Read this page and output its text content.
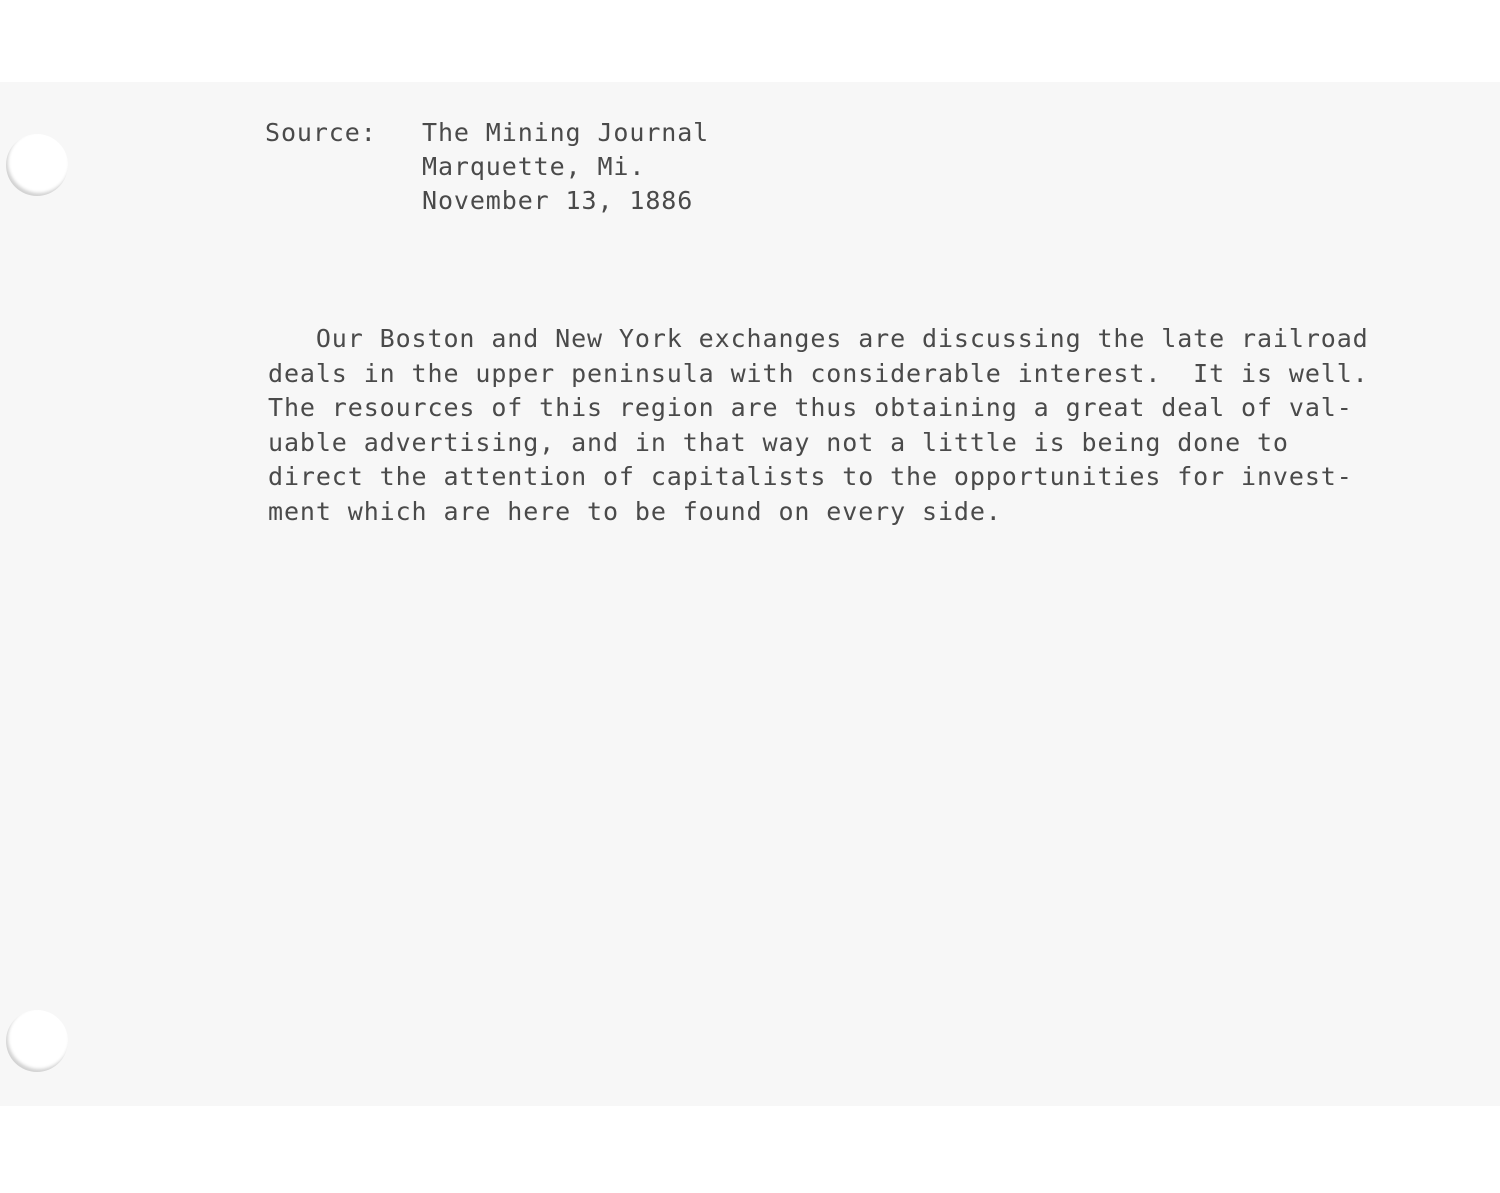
Source:	The Mining Journal
Marquette, Mi.
November 13, 1886
Our Boston and New York exchanges are discussing the late railroad
deals in the upper peninsula with considerable interest.  It is well.
The resources of this region are thus obtaining a great deal of val-
uable advertising, and in that way not a little is being done to
direct the attention of capitalists to the opportunities for invest-
ment which are here to be found on every side.
